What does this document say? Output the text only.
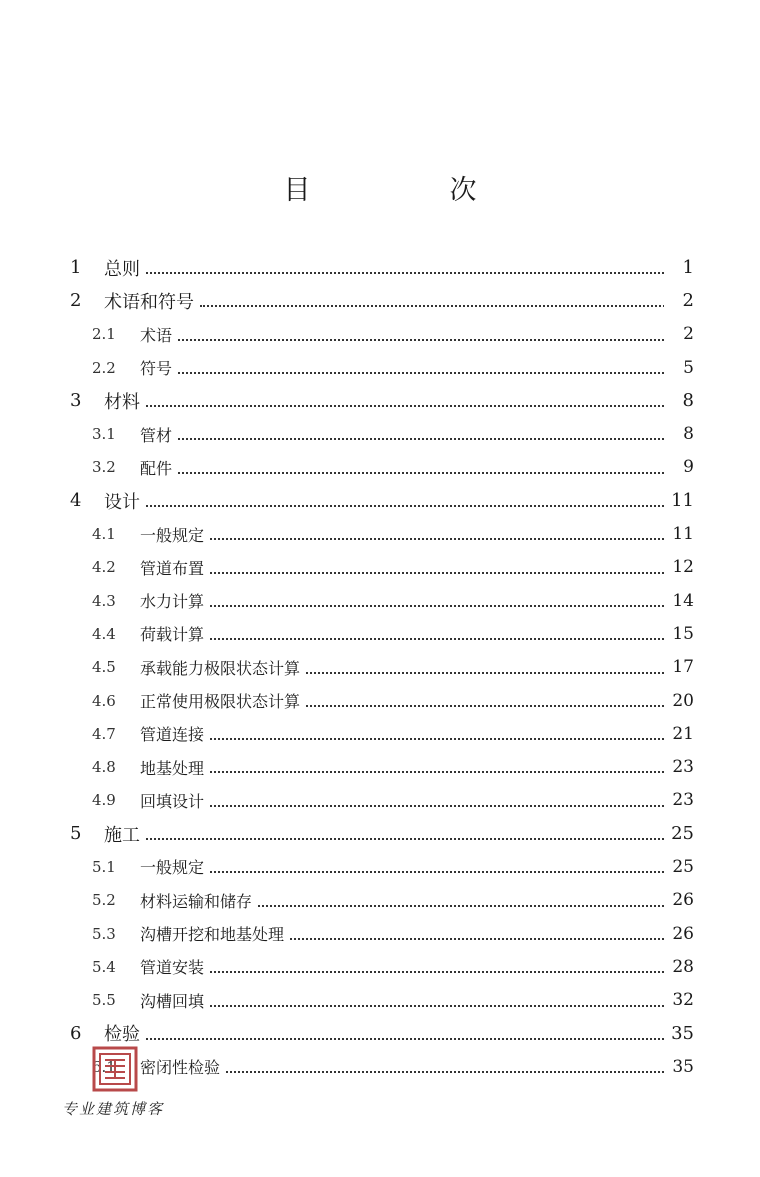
目　次
1 总则	1
2 术语和符号	2
2.1 术语	2
2.2 符号	5
3 材料	8
3.1 管材	8
3.2 配件	9
4 设计	11
4.1 一般规定	11
4.2 管道布置	12
4.3 水力计算	14
4.4 荷载计算	15
4.5 承载能力极限状态计算	17
4.6 正常使用极限状态计算	20
4.7 管道连接	21
4.8 地基处理	23
4.9 回填设计	23
5 施工	25
5.1 一般规定	25
5.2 材料运输和储存	26
5.3 沟槽开挖和地基处理	26
5.4 管道安装	28
5.5 沟槽回填	32
6 检验	35
6.1 密闭性检验	35
专业建筑博客
